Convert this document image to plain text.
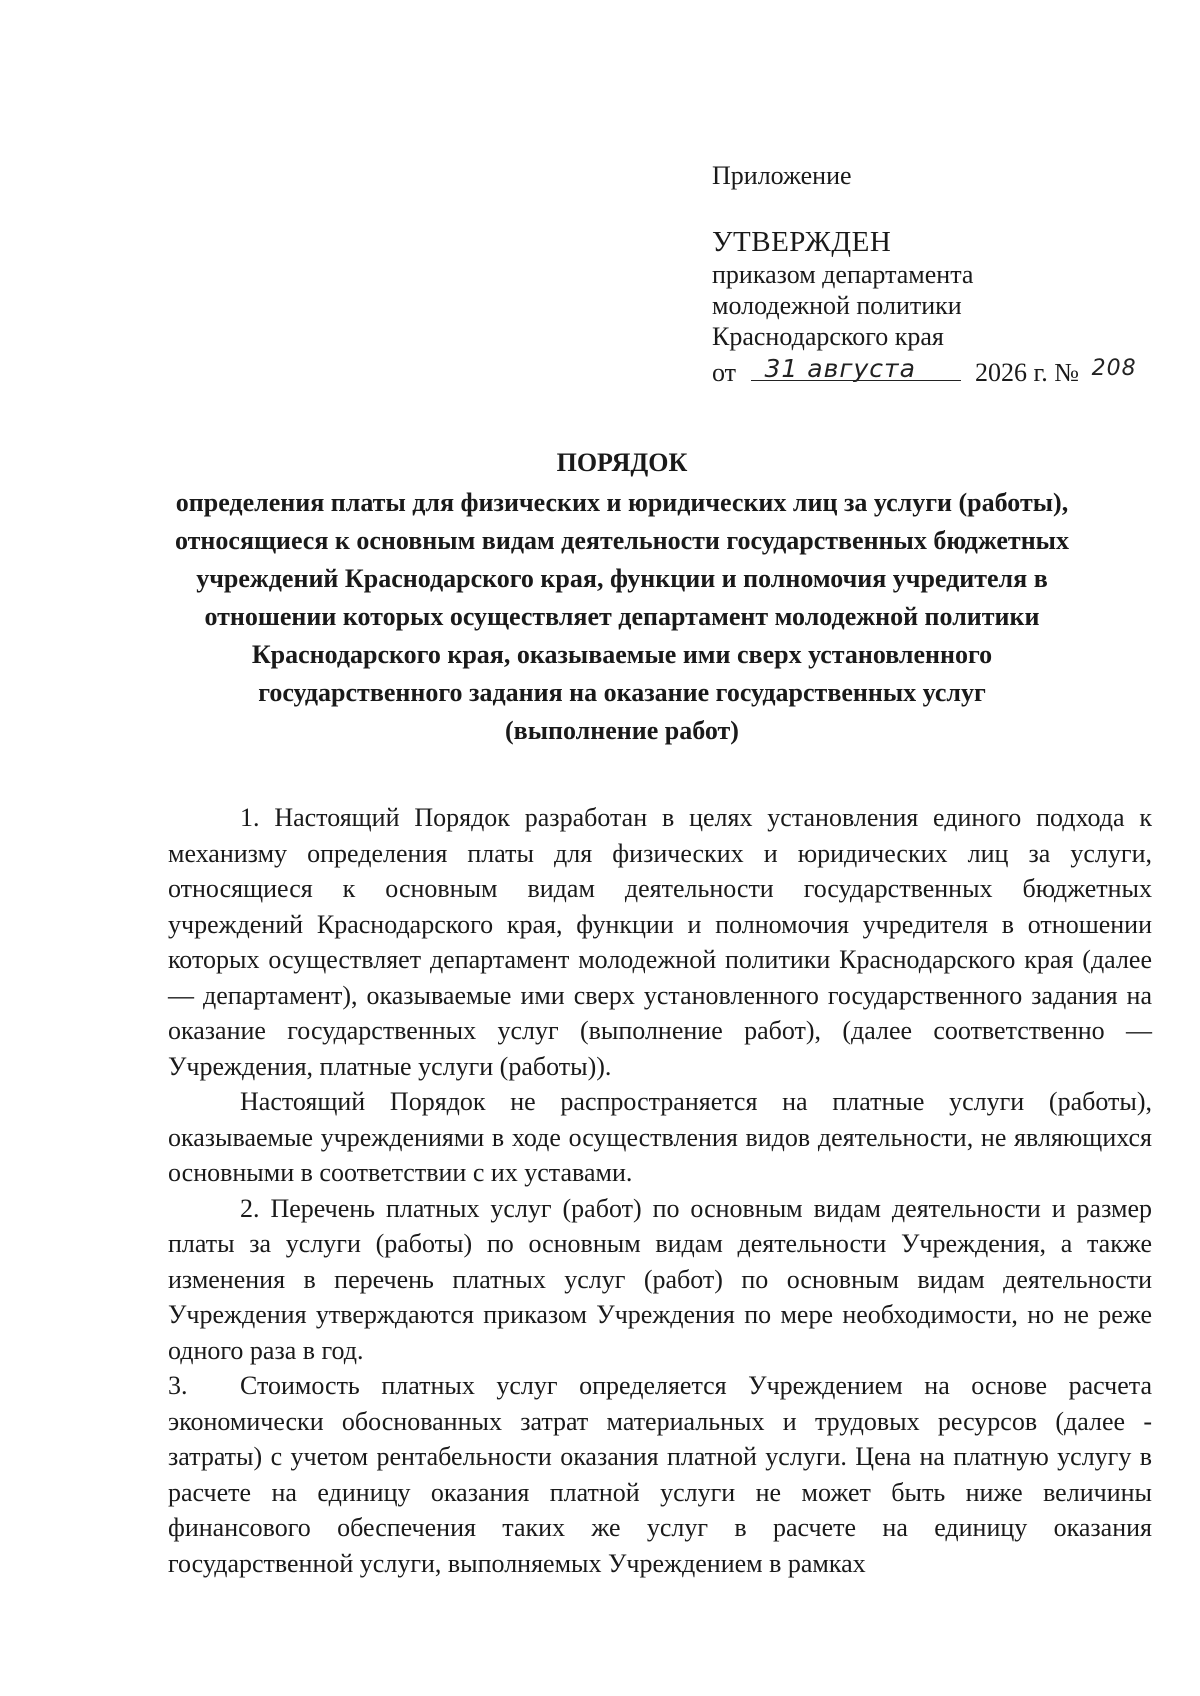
Приложение

УТВЕРЖДЕН

приказом департамента

молодежной политики

Краснодарского края

от 31 августа 2026 г. № $^{208}$

ПОРЯДОК

определения платы для физических и юридических лиц за услуги (работы),

относящиеся к основным видам деятельности государственных бюджетных

учреждений Краснодарского края, функции и полномочия учредителя в

отношении которых осуществляет департамент молодежной политики

Краснодарского края, оказываемые ими сверх установленного

государственного задания на оказание государственных услуг

(выполнение работ)

1. Настоящий Порядок разработан в целях установления единого подхода к механизму определения платы для физических и юридических лиц за услуги, относящиеся к основным видам деятельности государственных бюджетных учреждений Краснодарского края, функции и полномочия учредителя в отношении которых осуществляет департамент молодежной политики Краснодарского края (далее — департамент), оказываемые ими сверх установленного государственного задания на оказание государственных услуг (выполнение работ), (далее соответственно — Учреждения, платные услуги (работы)).

Настоящий Порядок не распространяется на платные услуги (работы), оказываемые учреждениями в ходе осуществления видов деятельности, не являющихся основными в соответствии с их уставами.

2. Перечень платных услуг (работ) по основным видам деятельности и размер платы за услуги (работы) по основным видам деятельности Учреждения, а также изменения в перечень платных услуг (работ) по основным видам деятельности Учреждения утверждаются приказом Учреждения по мере необходимости, но не реже одного раза в год.

3. Стоимость платных услуг определяется Учреждением на основе расчета экономически обоснованных затрат материальных и трудовых ресурсов (далее - затраты) с учетом рентабельности оказания платной услуги. Цена на платную услугу в расчете на единицу оказания платной услуги не может быть ниже величины финансового обеспечения таких же услуг в расчете на единицу оказания государственной услуги, выполняемых Учреждением в рамках
